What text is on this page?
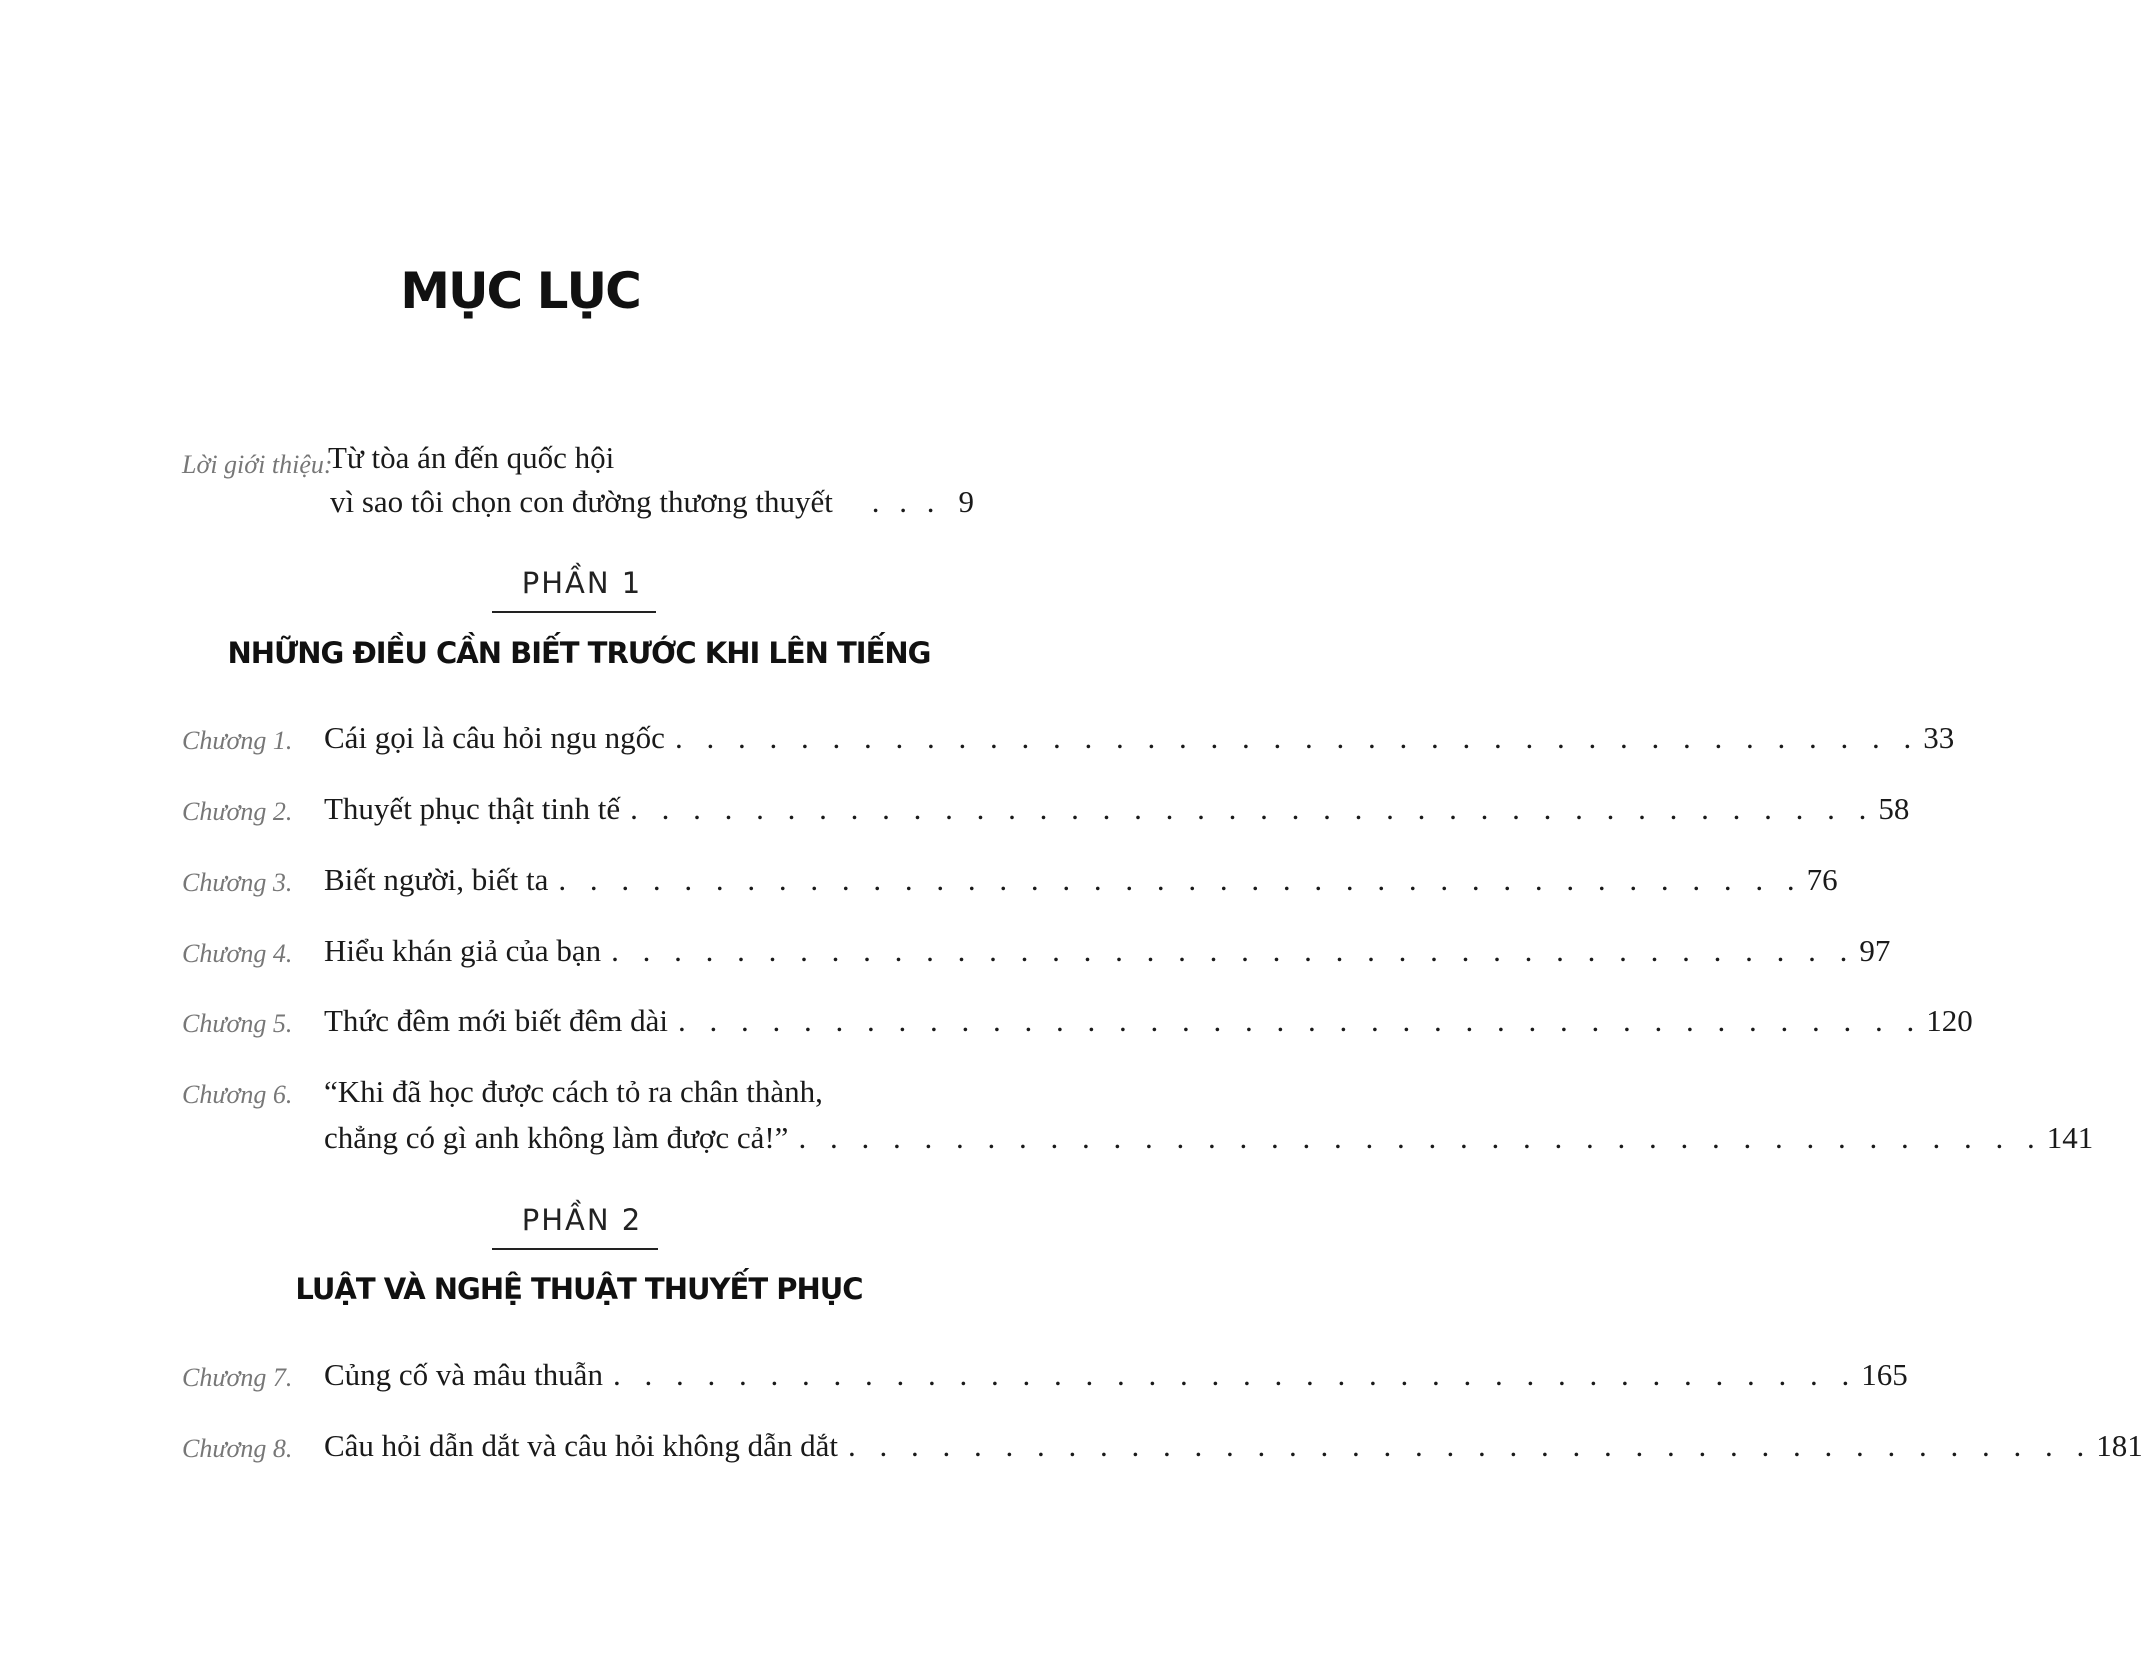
MỤC LỤC
Lời giới thiệu:
Từ tòa án đến quốc hội
vì sao tôi chọn con đường thương thuyết . . . 9
PHẦN 1
NHỮNG ĐIỀU CẦN BIẾT TRƯỚC KHI LÊN TIẾNG
Chương 1. Cái gọi là câu hỏi ngu ngốc . . . . . . . . . . . . . . . . . . . . . . . . . . . . . . . . . . . . . . . . 33
Chương 2. Thuyết phục thật tinh tế . . . . . . . . . . . . . . . . . . . . . . . . . . . . . . . . . . . . . . . . 58
Chương 3. Biết người, biết ta . . . . . . . . . . . . . . . . . . . . . . . . . . . . . . . . . . . . . . . . 76
Chương 4. Hiểu khán giả của bạn . . . . . . . . . . . . . . . . . . . . . . . . . . . . . . . . . . . . . . . . 97
Chương 5. Thức đêm mới biết đêm dài . . . . . . . . . . . . . . . . . . . . . . . . . . . . . . . . . . . . . . . . 120
Chương 6. “Khi đã học được cách tỏ ra chân thành,
chẳng có gì anh không làm được cả!” . . . . . . . . . . . . . . . . . . . . . . . . . . . . . . . . . . . . . . . . 141
PHẦN 2
LUẬT VÀ NGHỆ THUẬT THUYẾT PHỤC
Chương 7. Củng cố và mâu thuẫn . . . . . . . . . . . . . . . . . . . . . . . . . . . . . . . . . . . . . . . . 165
Chương 8. Câu hỏi dẫn dắt và câu hỏi không dẫn dắt . . . . . . . . . . . . . . . . . . . . . . . . . . . . . . . . . . . . . . . . 181
